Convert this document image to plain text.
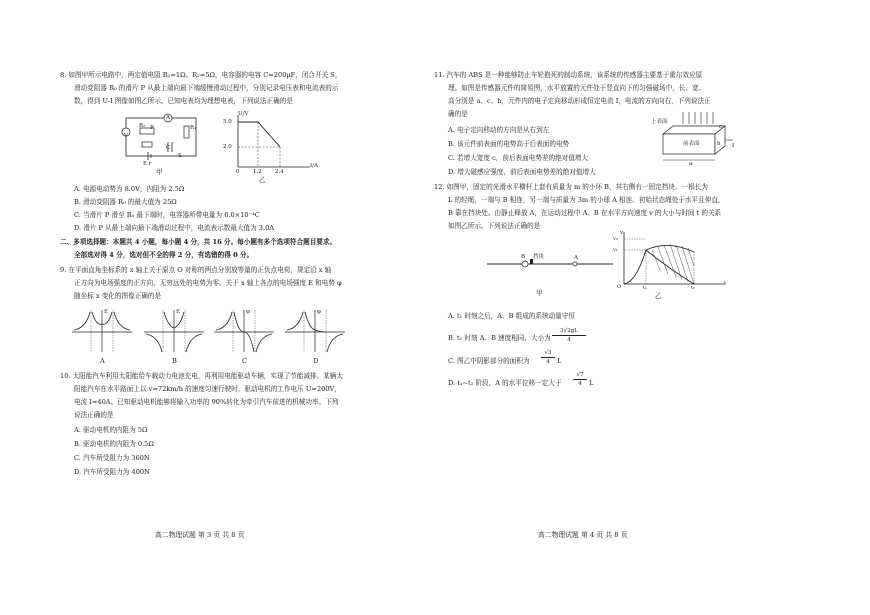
8. 如图甲所示电路中，两定值电阻 R₁=1Ω、R₂=5Ω，电容器的电容 C=200μF，闭合开关 S，
滑动变阻器 R₀ 的滑片 P 从最上端向最下端缓慢滑动过程中，分别记录电压表和电流表的示
数，得到 U-I 图像如图乙所示。已知电表均为理想电表，下列说法正确的是
V
A
R₂ P	R₁
C
S
E r
甲
U/V
5.0
2.0
0 1.2 2.4
I/A
乙
A. 电源电动势为 8.0V，内阻为 2.5Ω
B. 滑动变阻器 R₀ 的最大值为 25Ω
C. 当滑片 P 滑至 R₀ 最下端时，电容器所带电量为 6.0×10⁻⁴C
D. 滑片 P 从最上端向最下端滑动过程中，电流表示数最大值为 3.0A
二、多项选择题：本题共 4 小题，每小题 4 分，共 16 分。每小题有多个选项符合题目要求。
全部选对得 4 分，选对但不全的得 2 分，有选错的得 0 分。
9. 在平面直角坐标系的 x 轴上关于原点 O 对称的两点分别放等量的正负点电荷，规定沿 x 轴
正方向为电场强度的正方向，无穷远处的电势为零。关于 x 轴上各点的电场强度 E 和电势 φ
随坐标 x 变化的图像正确的是
E	E	φ	φ
A	B	C	D
10. 太阳能汽车利用太阳能给车载动力电池充电，再利用电能驱动车辆，实现了节能减排。某辆太
阳能汽车在水平路面上以 v=72km/h 的速度匀速行驶时，驱动电机的工作电压 U=200V，
电流 I=40A。已知驱动电机能够将输入功率的 90%转化为牵引汽车前进的机械功率。下列
说法正确的是
A. 驱动电机的内阻为 5Ω
B. 驱动电机的内阻为 0.5Ω
C. 汽车所受阻力为 360N
D. 汽车所受阻力为 400N
高二物理试题 第 3 页 共 8 页
11. 汽车的 ABS 是一种能够防止车轮抱死的制动系统，该系统的传感器主要基于霍尔效应原
理。如图是传感器元件的简易图，水平放置的元件处于竖直向下的匀强磁场中，长、宽、
高分别是 a、c、h，元件内的电子定向移动形成恒定电流 I，电流的方向向右，下列说法正
确的是
A. 电子定向移动的方向是从右到左
B. 该元件前表面的电势高于后表面的电势
C. 若增大宽度 c，前后表面电势差的绝对值增大
D. 增大磁感应强度，前后表面电势差的绝对值增大
上表面
前表面
a
c
h I
12. 如图甲，固定的光滑水平横杆上套有质量为 m 的小环 B，其右侧有一固定挡块。一根长为
L 的轻绳，一端与 B 相连，另一端与质量为 3m 的小球 A 相连。初始状态绳处于水平且伸直，
B 靠在挡块处。由静止释放 A，在运动过程中 A、B 在水平方向速度 v 的大小与时间 t 的关系
如图乙所示。下列说法正确的是
B 挡块	A
甲
v
v₂
v₁
O	t₁	t₂
t
乙
A. t₁ 时刻之后，A、B 组成的系统动量守恒
B. t₁ 时刻 A、B 速度相同，大小为
3√2gL
4
C. 图乙中阴影部分的面积为
√3
4	L
D. t₁~t₂ 阶段，A 的水平位移一定大于
√7
4	L
高二物理试题 第 4 页 共 8 页
